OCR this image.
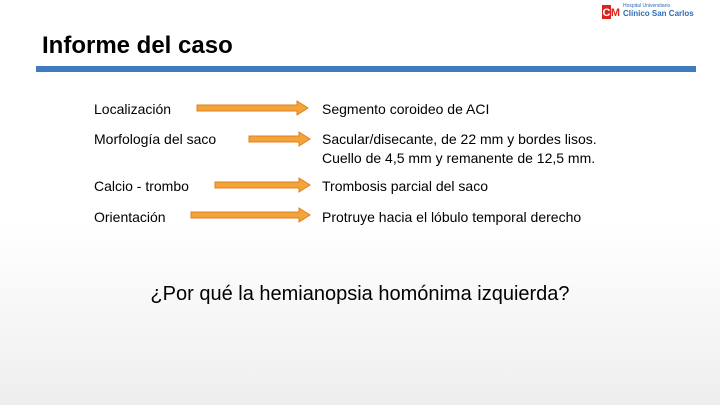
C M
Hospital Universitario
Clínico San Carlos
Informe del caso
Localización	Segmento coroideo de ACI
Morfología del saco	Sacular/disecante, de 22 mm y bordes lisos.
Cuello de 4,5 mm y remanente de 12,5 mm.
Calcio - trombo	Trombosis parcial del saco
Orientación	Protruye hacia el lóbulo temporal derecho
¿Por qué la hemianopsia homónima izquierda?
